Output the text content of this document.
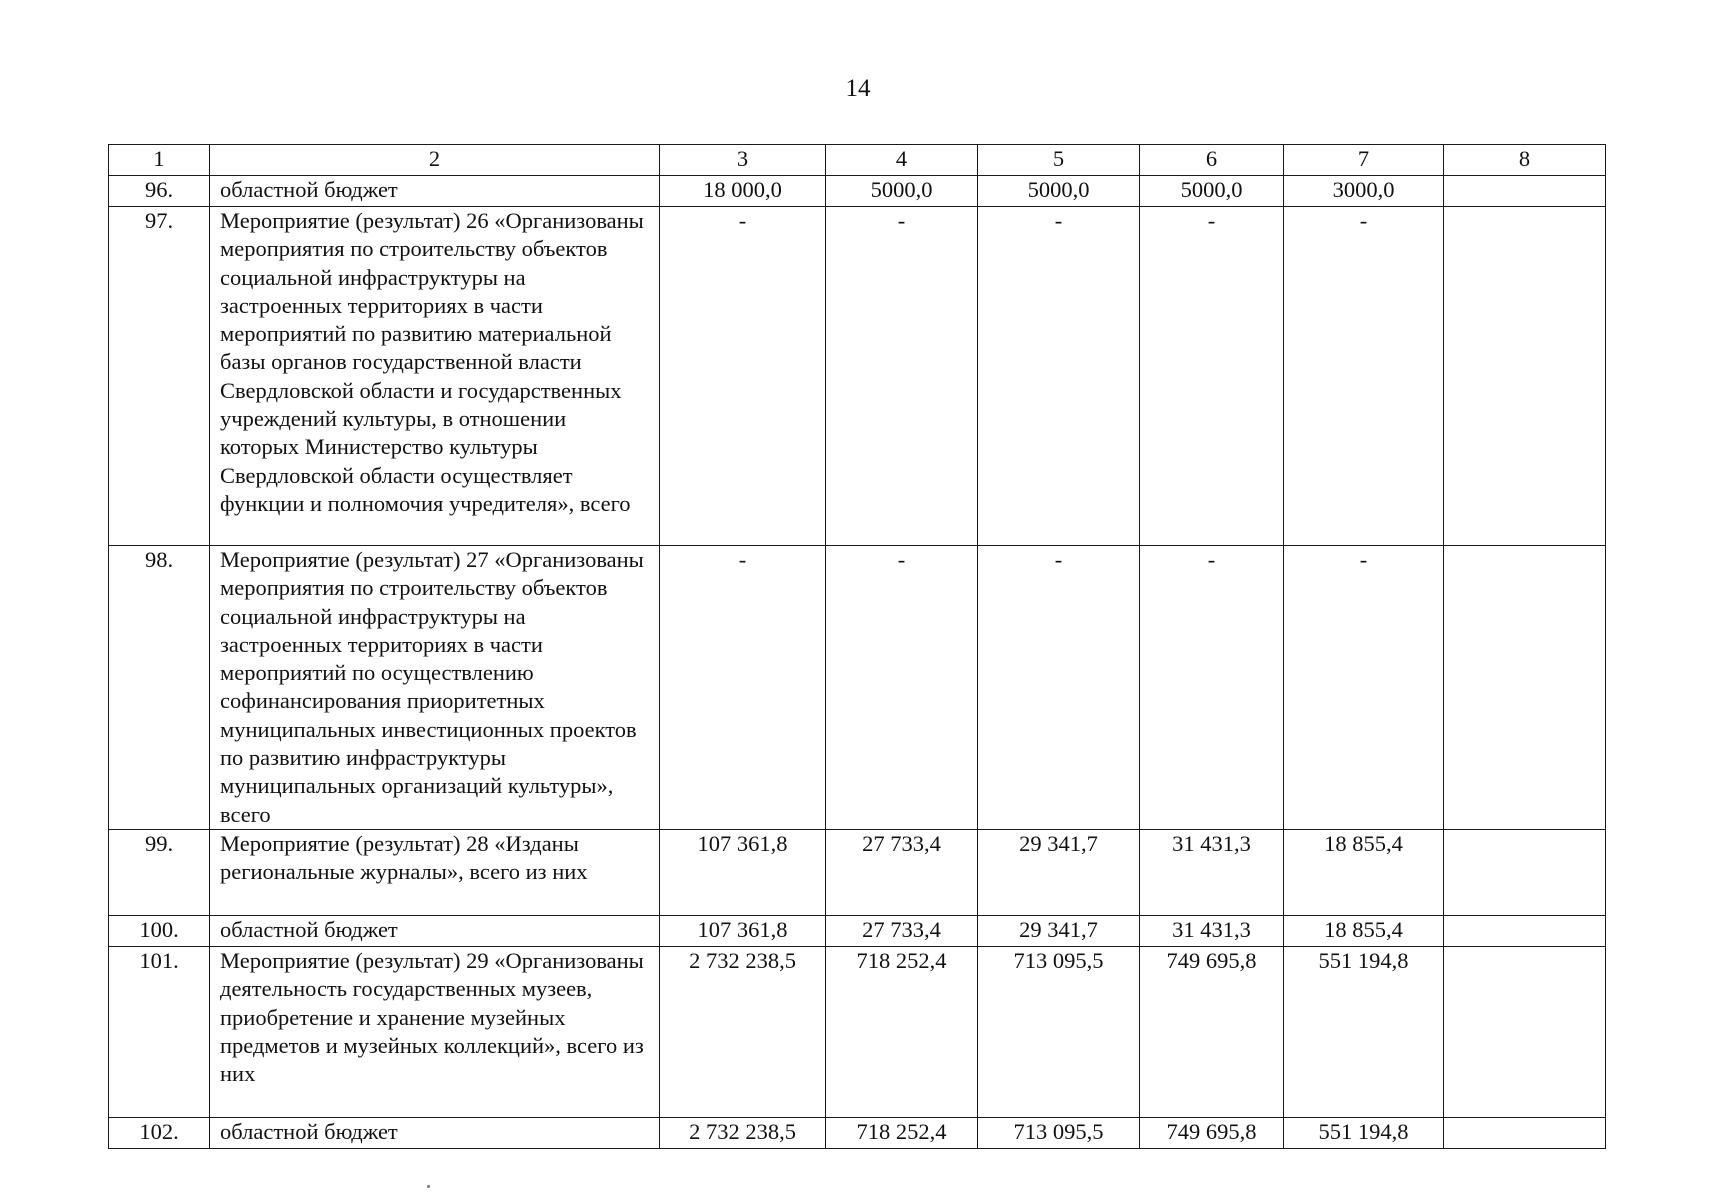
14
1	2	3	4	5	6	7	8
96.	областной бюджет	18 000,0	5000,0	5000,0	5000,0	3000,0	
97.	Мероприятие (результат) 26 «Организованы мероприятия по строительству объектов социальной инфраструктуры на застроенных территориях в части мероприятий по развитию материальной базы органов государственной власти Свердловской области и государственных учреждений культуры, в отношении которых Министерство культуры Свердловской области осуществляет функции и полномочия учредителя», всего	-	-	-	-	-	
98.	Мероприятие (результат) 27 «Организованы мероприятия по строительству объектов социальной инфраструктуры на застроенных территориях в части мероприятий по осуществлению софинансирования приоритетных муниципальных инвестиционных проектов по развитию инфраструктуры муниципальных организаций культуры», всего	-	-	-	-	-	
99.	Мероприятие (результат) 28 «Изданы региональные журналы», всего из них	107 361,8	27 733,4	29 341,7	31 431,3	18 855,4	
100.	областной бюджет	107 361,8	27 733,4	29 341,7	31 431,3	18 855,4	
101.	Мероприятие (результат) 29 «Организованы деятельность государственных музеев, приобретение и хранение музейных предметов и музейных коллекций», всего из них	2 732 238,5	718 252,4	713 095,5	749 695,8	551 194,8	
102.	областной бюджет	2 732 238,5	718 252,4	713 095,5	749 695,8	551 194,8	
